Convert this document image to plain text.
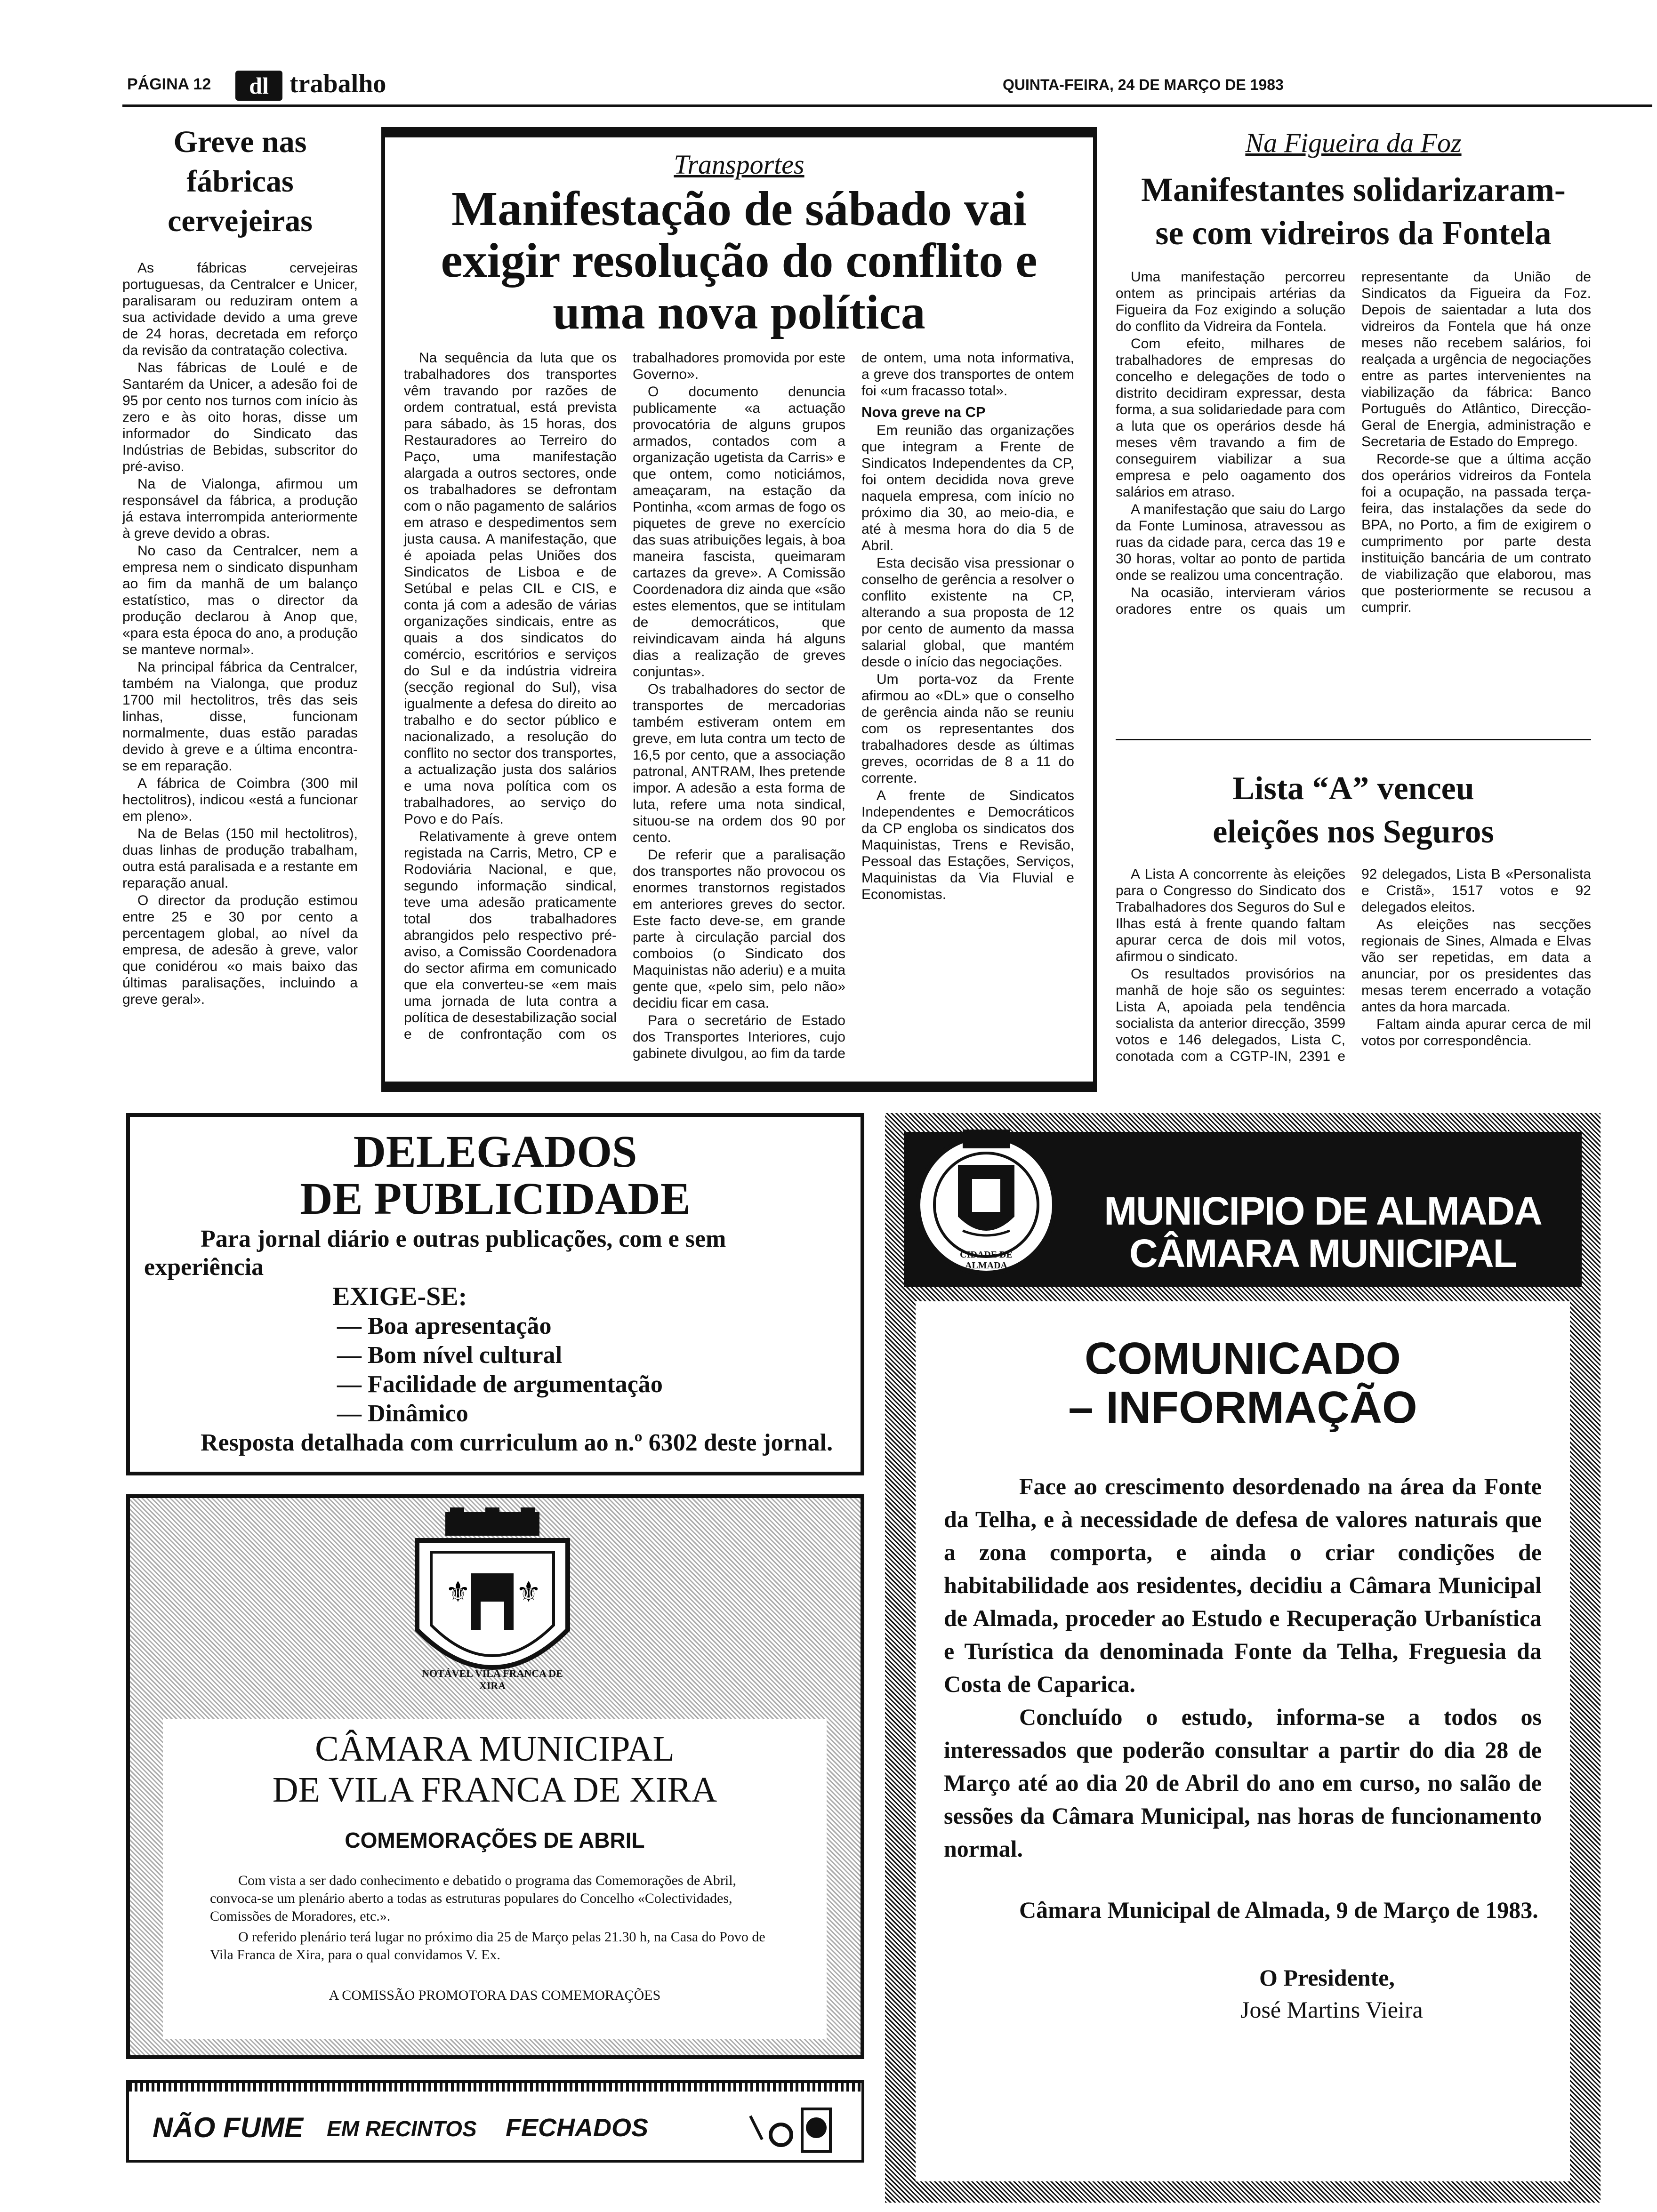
PÁGINA 12	dl trabalho	QUINTA-FEIRA, 24 DE MARÇO DE 1983
Greve nas fábricas cervejeiras

As fábricas cervejeiras portuguesas, da Centralcer e Unicer, paralisaram ou reduziram ontem a sua actividade devido a uma greve de 24 horas, decretada em reforço da revisão da contratação colectiva.

Nas fábricas de Loulé e de Santarém da Unicer, a adesão foi de 95 por cento nos turnos com início às zero e às oito horas, disse um informador do Sindicato das Indústrias de Bebidas, subscritor do pré-aviso.

Na de Vialonga, afirmou um responsável da fábrica, a produção já estava interrompida anteriormente à greve devido a obras.

No caso da Centralcer, nem a empresa nem o sindicato dispunham ao fim da manhã de um balanço estatístico, mas o director da produção declarou à Anop que, «para esta época do ano, a produção se manteve normal».

Na principal fábrica da Centralcer, também na Vialonga, que produz 1700 mil hectolitros, três das seis linhas, disse, funcionam normalmente, duas estão paradas devido à greve e a última encontra-se em reparação.

A fábrica de Coimbra (300 mil hectolitros), indicou «está a funcionar em pleno».

Na de Belas (150 mil hectolitros), duas linhas de produção trabalham, outra está paralisada e a restante em reparação anual.

O director da produção estimou entre 25 e 30 por cento a percentagem global, ao nível da empresa, de adesão à greve, valor que conidérou «o mais baixo das últimas paralisações, incluindo a greve geral».

Transportes
Manifestação de sábado vai exigir resolução do conflito e uma nova política

Na sequência da luta que os trabalhadores dos transportes vêm travando por razões de ordem contratual, está prevista para sábado, às 15 horas, dos Restauradores ao Terreiro do Paço, uma manifestação alargada a outros sectores, onde os trabalhadores se defrontam com o não pagamento de salários em atraso e despedimentos sem justa causa. A manifestação, que é apoiada pelas Uniões dos Sindicatos de Lisboa e de Setúbal e pelas CIL e CIS, e conta já com a adesão de várias organizações sindicais, entre as quais a dos sindicatos do comércio, escritórios e serviços do Sul e da indústria vidreira (secção regional do Sul), visa igualmente a defesa do direito ao trabalho e do sector público e nacionalizado, a resolução do conflito no sector dos transportes, a actualização justa dos salários e uma nova política com os trabalhadores, ao serviço do Povo e do País.

Relativamente à greve ontem registada na Carris, Metro, CP e Rodoviária Nacional, e que, segundo informação sindical, teve uma adesão praticamente total dos trabalhadores abrangidos pelo respectivo pré-aviso, a Comissão Coordenadora do sector afirma em comunicado que ela converteu-se «em mais uma jornada de luta contra a política de desestabilização social e de confrontação com os trabalhadores promovida por este Governo».

O documento denuncia publicamente «a actuação provocatória de alguns grupos armados, contados com a organização ugetista da Carris» e que ontem, como noticiámos, ameaçaram, na estação da Pontinha, «com armas de fogo os piquetes de greve no exercício das suas atribuições legais, à boa maneira fascista, queimaram cartazes da greve». A Comissão Coordenadora diz ainda que «são estes elementos, que se intitulam de democráticos, que reivindicavam ainda há alguns dias a realização de greves conjuntas».

Os trabalhadores do sector de transportes de mercadorias também estiveram ontem em greve, em luta contra um tecto de 16,5 por cento, que a associação patronal, ANTRAM, lhes pretende impor. A adesão a esta forma de luta, refere uma nota sindical, situou-se na ordem dos 90 por cento.

De referir que a paralisação dos transportes não provocou os enormes transtornos registados em anteriores greves do sector. Este facto deve-se, em grande parte à circulação parcial dos comboios (o Sindicato dos Maquinistas não aderiu) e a muita gente que, «pelo sim, pelo não» decidiu ficar em casa.

Para o secretário de Estado dos Transportes Interiores, cujo gabinete divulgou, ao fim da tarde de ontem, uma nota informativa, a greve dos transportes de ontem foi «um fracasso total».

Nova greve na CP

Em reunião das organizações que integram a Frente de Sindicatos Independentes da CP, foi ontem decidida nova greve naquela empresa, com início no próximo dia 30, ao meio-dia, e até à mesma hora do dia 5 de Abril.

Esta decisão visa pressionar o conselho de gerência a resolver o conflito existente na CP, alterando a sua proposta de 12 por cento de aumento da massa salarial global, que mantém desde o início das negociações.

Um porta-voz da Frente afirmou ao «DL» que o conselho de gerência ainda não se reuniu com os representantes dos trabalhadores desde as últimas greves, ocorridas de 8 a 11 do corrente.

A frente de Sindicatos Independentes e Democráticos da CP engloba os sindicatos dos Maquinistas, Trens e Revisão, Pessoal das Estações, Serviços, Maquinistas da Via Fluvial e Economistas.

Na Figueira da Foz
Manifestantes solidarizaram-se com vidreiros da Fontela

Uma manifestação percorreu ontem as principais artérias da Figueira da Foz exigindo a solução do conflito da Vidreira da Fontela.

Com efeito, milhares de trabalhadores de empresas do concelho e delegações de todo o distrito decidiram expressar, desta forma, a sua solidariedade para com a luta que os operários desde há meses vêm travando a fim de conseguirem viabilizar a sua empresa e pelo oagamento dos salários em atraso.

A manifestação que saiu do Largo da Fonte Luminosa, atravessou as ruas da cidade para, cerca das 19 e 30 horas, voltar ao ponto de partida onde se realizou uma concentração.

Na ocasião, intervieram vários oradores entre os quais um representante da União de Sindicatos da Figueira da Foz. Depois de saientadar a luta dos vidreiros da Fontela que há onze meses não recebem salários, foi realçada a urgência de negociações entre as partes intervenientes na viabilização da fábrica: Banco Português do Atlântico, Direcção-Geral de Energia, administração e Secretaria de Estado do Emprego.

Recorde-se que a última acção dos operários vidreiros da Fontela foi a ocupação, na passada terça-feira, das instalações da sede do BPA, no Porto, a fim de exigirem o cumprimento por parte desta instituição bancária de um contrato de viabilização que elaborou, mas que posteriormente se recusou a cumprir.

Lista “A” venceu eleições nos Seguros

A Lista A concorrente às eleições para o Congresso do Sindicato dos Trabalhadores dos Seguros do Sul e Ilhas está à frente quando faltam apurar cerca de dois mil votos, afirmou o sindicato.

Os resultados provisórios na manhã de hoje são os seguintes: Lista A, apoiada pela tendência socialista da anterior direcção, 3599 votos e 146 delegados, Lista C, conotada com a CGTP-IN, 2391 e 92 delegados, Lista B «Personalista e Cristã», 1517 votos e 92 delegados eleitos.

As eleições nas secções regionais de Sines, Almada e Elvas vão ser repetidas, em data a anunciar, por os presidentes das mesas terem encerrado a votação antes da hora marcada.

Faltam ainda apurar cerca de mil votos por correspondência.

DELEGADOS
DE PUBLICIDADE
Para jornal diário e outras publicações, com e sem experiência
EXIGE-SE:
— Boa apresentação
— Bom nível cultural
— Facilidade de argumentação
— Dinâmico
Resposta detalhada com curriculum ao n.º 6302 deste jornal.
⚜ ⚜
NOTÁVEL VILA FRANCA DE XIRA
CÂMARA MUNICIPAL
DE VILA FRANCA DE XIRA
COMEMORAÇÕES DE ABRIL

Com vista a ser dado conhecimento e debatido o programa das Comemorações de Abril, convoca-se um plenário aberto a todas as estruturas populares do Concelho «Colectividades, Comissões de Moradores, etc.».

O referido plenário terá lugar no próximo dia 25 de Março pelas 21.30 h, na Casa do Povo de Vila Franca de Xira, para o qual convidamos V. Ex.

A COMISSÃO PROMOTORA DAS COMEMORAÇÕES
NÃO FUME EM RECINTOS FECHADOS
CIDADE DE ALMADA
MUNICIPIO DE ALMADA
CÂMARA MUNICIPAL
COMUNICADO
– INFORMAÇÃO

Face ao crescimento desordenado na área da Fonte da Telha, e à necessidade de defesa de valores naturais que a zona comporta, e ainda o criar condições de habitabilidade aos residentes, decidiu a Câmara Municipal de Almada, proceder ao Estudo e Recuperação Urbanística e Turística da denominada Fonte da Telha, Freguesia da Costa de Caparica.

Concluído o estudo, informa-se a todos os interessados que poderão consultar a partir do dia 28 de Março até ao dia 20 de Abril do ano em curso, no salão de sessões da Câmara Municipal, nas horas de funcionamento normal.

Câmara Municipal de Almada, 9 de Março de 1983.

O Presidente,
José Martins Vieira
